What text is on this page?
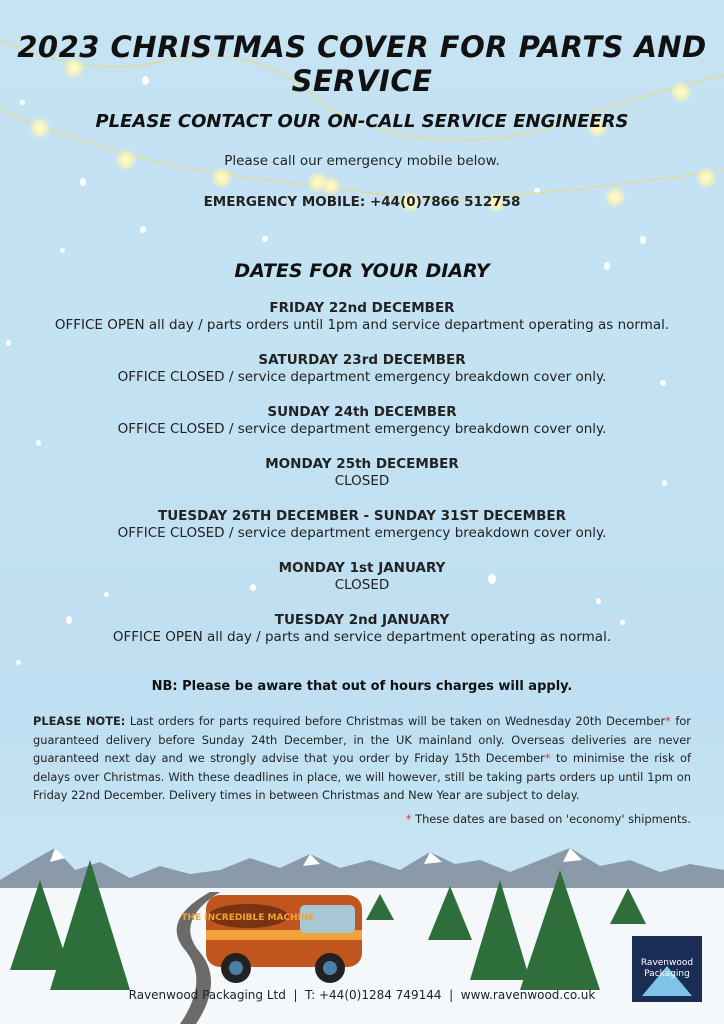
2023 CHRISTMAS COVER FOR PARTS AND SERVICE
PLEASE CONTACT OUR ON-CALL SERVICE ENGINEERS
Please call our emergency mobile below.
EMERGENCY MOBILE: +44(0)7866 512758
DATES FOR YOUR DIARY
FRIDAY 22nd DECEMBER
OFFICE OPEN all day / parts orders until 1pm and service department operating as normal.
SATURDAY 23rd DECEMBER
OFFICE CLOSED / service department emergency breakdown cover only.
SUNDAY 24th DECEMBER
OFFICE CLOSED / service department emergency breakdown cover only.
MONDAY 25th DECEMBER
CLOSED
TUESDAY 26TH DECEMBER - SUNDAY 31ST DECEMBER
OFFICE CLOSED / service department emergency breakdown cover only.
MONDAY 1st JANUARY
CLOSED
TUESDAY 2nd JANUARY
OFFICE OPEN all day / parts and service department operating as normal.
NB: Please be aware that out of hours charges will apply.
PLEASE NOTE: Last orders for parts required before Christmas will be taken on Wednesday 20th December* for guaranteed delivery before Sunday 24th December, in the UK mainland only. Overseas deliveries are never guaranteed next day and we strongly advise that you order by Friday 15th December* to minimise the risk of delays over Christmas. With these deadlines in place, we will however, still be taking parts orders up until 1pm on Friday 22nd December. Delivery times in between Christmas and New Year are subject to delay.
* These dates are based on 'economy' shipments.
THE INCREDIBLE MACHINE
Ravenwood
Packaging
Ravenwood Packaging Ltd  |  T: +44(0)1284 749144  |  www.ravenwood.co.uk
